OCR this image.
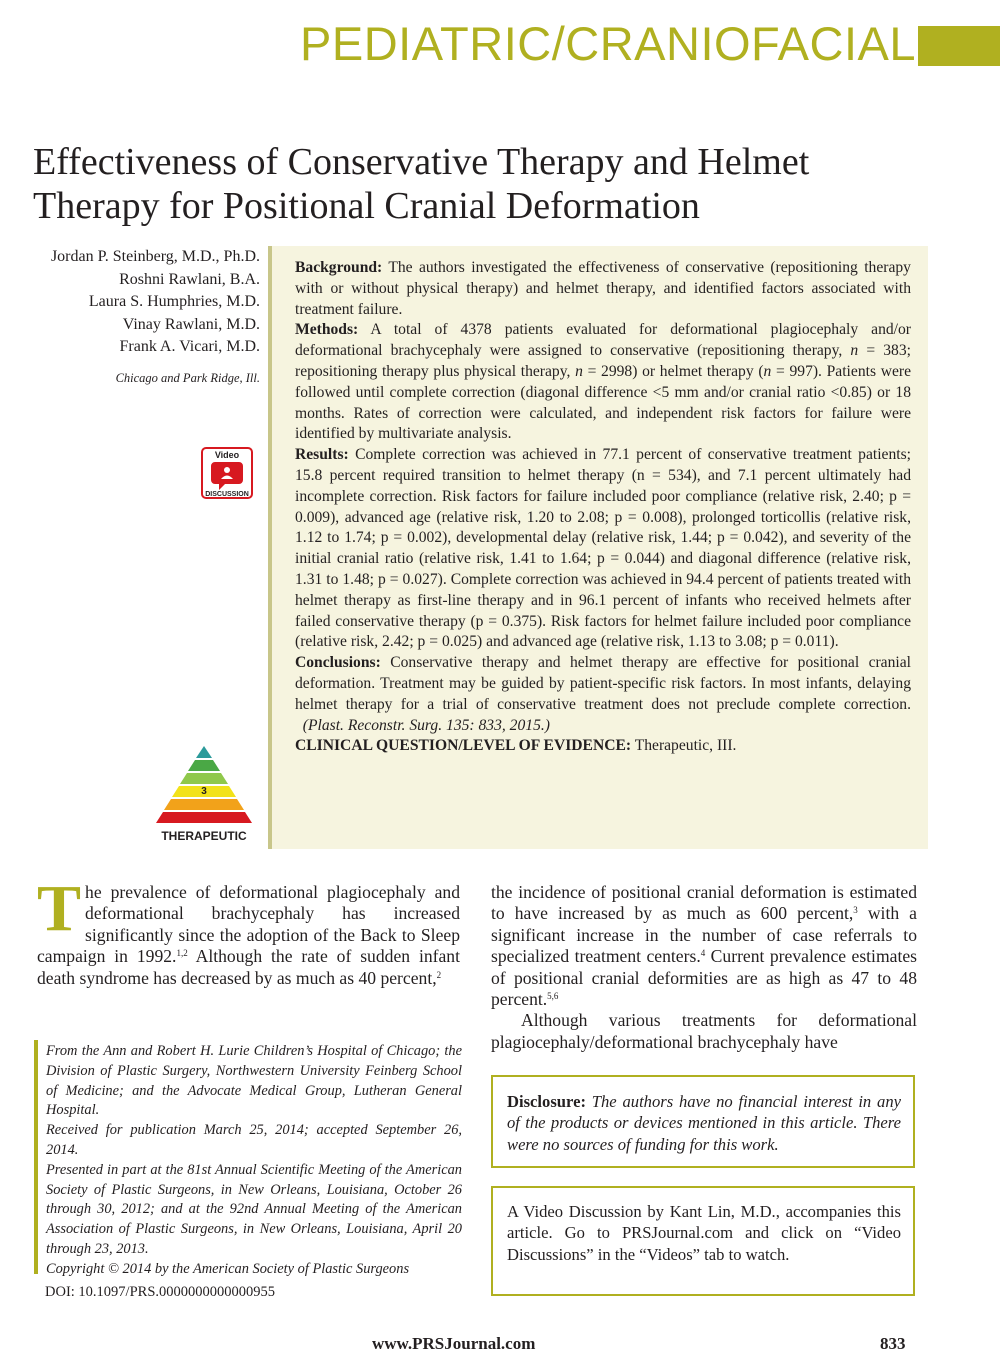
PEDIATRIC/CRANIOFACIAL
Effectiveness of Conservative Therapy and Helmet Therapy for Positional Cranial Deformation
Jordan P. Steinberg, M.D., Ph.D.
Roshni Rawlani, B.A.
Laura S. Humphries, M.D.
Vinay Rawlani, M.D.
Frank A. Vicari, M.D.
Chicago and Park Ridge, Ill.
Video
DISCUSSION
3
THERAPEUTIC

Background: The authors investigated the effectiveness of conservative (repositioning therapy with or without physical therapy) and helmet therapy, and identified factors associated with treatment failure.

Methods: A total of 4378 patients evaluated for deformational plagiocephaly and/or deformational brachycephaly were assigned to conservative (repositioning therapy, n = 383; repositioning therapy plus physical therapy, n = 2998) or helmet therapy (n = 997). Patients were followed until complete correction (diagonal difference <5 mm and/or cranial ratio <0.85) or 18 months. Rates of correction were calculated, and independent risk factors for failure were identified by multivariate analysis.

Results: Complete correction was achieved in 77.1 percent of conservative treatment patients; 15.8 percent required transition to helmet therapy (n = 534), and 7.1 percent ultimately had incomplete correction. Risk factors for failure included poor compliance (relative risk, 2.40; p = 0.009), advanced age (relative risk, 1.20 to 2.08; p = 0.008), prolonged torticollis (relative risk, 1.12 to 1.74; p = 0.002), developmental delay (relative risk, 1.44; p = 0.042), and severity of the initial cranial ratio (relative risk, 1.41 to 1.64; p = 0.044) and diagonal difference (relative risk, 1.31 to 1.48; p = 0.027). Complete correction was achieved in 94.4 percent of patients treated with helmet therapy as first-line therapy and in 96.1 percent of infants who received helmets after failed conservative therapy (p = 0.375). Risk factors for helmet failure included poor compliance (relative risk, 2.42; p = 0.025) and advanced age (relative risk, 1.13 to 3.08; p = 0.011).

Conclusions: Conservative therapy and helmet therapy are effective for positional cranial deformation. Treatment may be guided by patient-specific risk factors. In most infants, delaying helmet therapy for a trial of conservative treatment does not preclude complete correction.   (Plast. Reconstr. Surg. 135: 833, 2015.)

CLINICAL QUESTION/LEVEL OF EVIDENCE: Therapeutic, III.

The prevalence of deformational plagiocephaly and deformational brachycephaly has increased significantly since the adoption of the Back to Sleep campaign in 1992.$^{1,2}$ Although the rate of sudden infant death syndrome has decreased by as much as 40 percent,$^2$

the incidence of positional cranial deformation is estimated to have increased by as much as 600 percent,$^3$ with a significant increase in the number of case referrals to specialized treatment centers.$^4$ Current prevalence estimates of positional cranial deformities are as high as 47 to 48 percent.$^{5,6}$

Although various treatments for deformational plagiocephaly/deformational brachycephaly have

From the Ann and Robert H. Lurie Children’s Hospital of Chicago; the Division of Plastic Surgery, Northwestern University Feinberg School of Medicine; and the Advocate Medical Group, Lutheran General Hospital.

Received for publication March 25, 2014; accepted September 26, 2014.

Presented in part at the 81st Annual Scientific Meeting of the American Society of Plastic Surgeons, in New Orleans, Louisiana, October 26 through 30, 2012; and at the 92nd Annual Meeting of the American Association of Plastic Surgeons, in New Orleans, Louisiana, April 20 through 23, 2013.

Copyright © 2014 by the American Society of Plastic Surgeons

DOI: 10.1097/PRS.0000000000000955
Disclosure: The authors have no financial interest in any of the products or devices mentioned in this article. There were no sources of funding for this work.
A Video Discussion by Kant Lin, M.D., accompanies this article. Go to PRSJournal.com and click on “Video Discussions” in the “Videos” tab to watch.
www.PRSJournal.com	833
